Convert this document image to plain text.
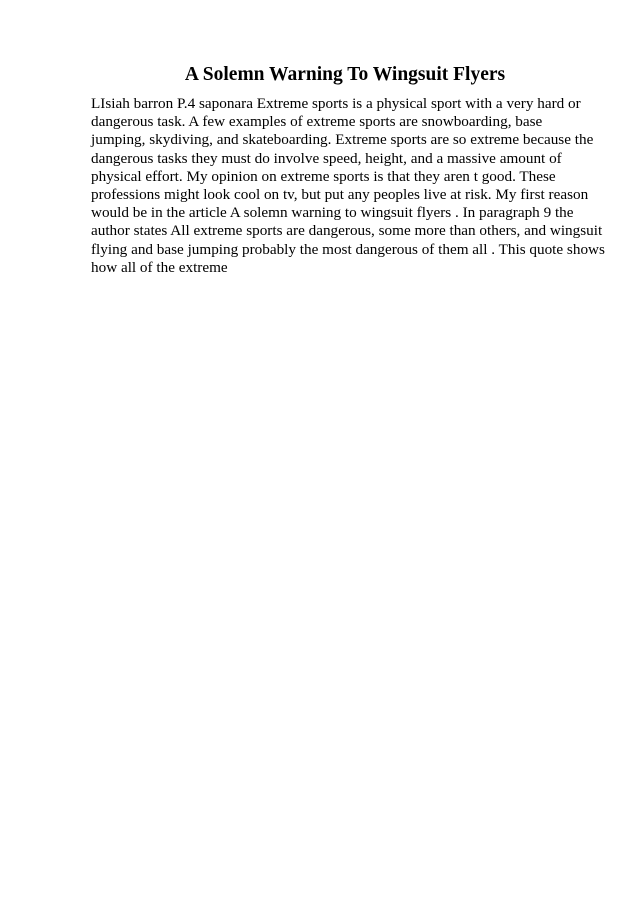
A Solemn Warning To Wingsuit Flyers
LIsiah barron P.4 saponara Extreme sports is a physical sport with a very hard or
dangerous task. A few examples of extreme sports are snowboarding, base
jumping, skydiving, and skateboarding. Extreme sports are so extreme because the
dangerous tasks they must do involve speed, height, and a massive amount of
physical effort. My opinion on extreme sports is that they aren t good. These
professions might look cool on tv, but put any peoples live at risk. My first reason
would be in the article A solemn warning to wingsuit flyers . In paragraph 9 the
author states All extreme sports are dangerous, some more than others, and wingsuit
flying and base jumping probably the most dangerous of them all . This quote shows
how all of the extreme
